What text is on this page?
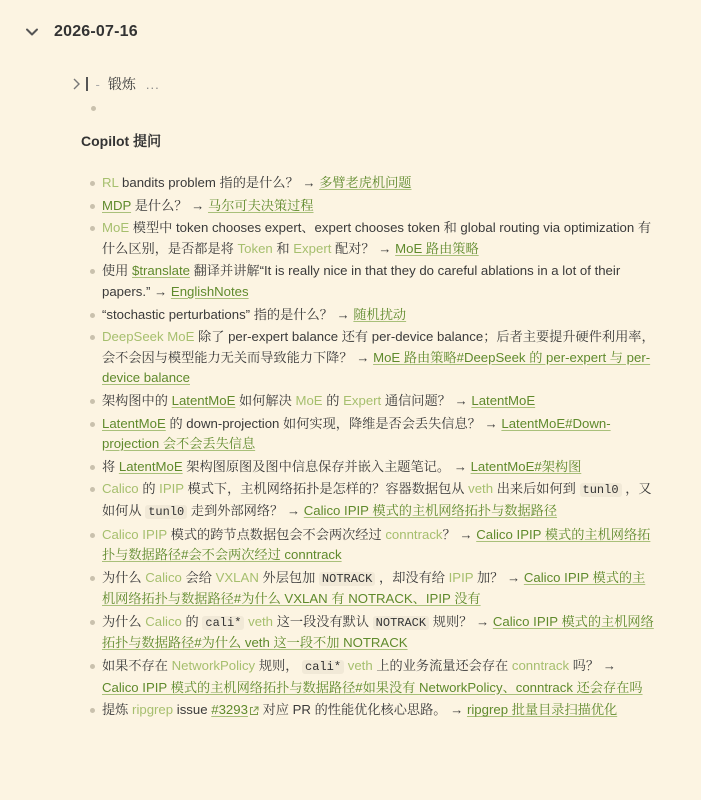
2026-07-16
- 锻炼 ...
Copilot 提问
RL bandits problem 指的是什么？ → 多臂老虎机问题
MDP 是什么？ → 马尔可夫决策过程
MoE 模型中 token chooses expert、expert chooses token 和 global routing via optimization 有什么区别，是否都是将 Token 和 Expert 配对？ → MoE 路由策略
使用 $translate 翻译并讲解“It is really nice in that they do careful ablations in a lot of their papers.” → EnglishNotes
“stochastic perturbations” 指的是什么？ → 随机扰动
DeepSeek MoE 除了 per-expert balance 还有 per-device balance；后者主要提升硬件利用率，会不会因与模型能力无关而导致能力下降？ → MoE 路由策略#DeepSeek 的 per-expert 与 per-device balance
架构图中的 LatentMoE 如何解决 MoE 的 Expert 通信问题？ → LatentMoE
LatentMoE 的 down-projection 如何实现，降维是否会丢失信息？ → LatentMoE#Down-projection 会不会丢失信息
将 LatentMoE 架构图原图及图中信息保存并嵌入主题笔记。 → LatentMoE#架构图
Calico 的 IPIP 模式下，主机网络拓扑是怎样的？容器数据包从 veth 出来后如何到 tunl0 ，又如何从 tunl0 走到外部网络？ → Calico IPIP 模式的主机网络拓扑与数据路径
Calico IPIP 模式的跨节点数据包会不会两次经过 conntrack？ → Calico IPIP 模式的主机网络拓扑与数据路径#会不会两次经过 conntrack
为什么 Calico 会给 VXLAN 外层包加 NOTRACK ，却没有给 IPIP 加？ → Calico IPIP 模式的主机网络拓扑与数据路径#为什么 VXLAN 有 NOTRACK、IPIP 没有
为什么 Calico 的 cali* veth 这一段没有默认 NOTRACK 规则？ → Calico IPIP 模式的主机网络拓扑与数据路径#为什么 veth 这一段不加 NOTRACK
如果不存在 NetworkPolicy 规则， cali* veth 上的业务流量还会存在 conntrack 吗？ → Calico IPIP 模式的主机网络拓扑与数据路径#如果没有 NetworkPolicy、conntrack 还会存在吗
提炼 ripgrep issue #3293 对应 PR 的性能优化核心思路。 → ripgrep 批量目录扫描优化
